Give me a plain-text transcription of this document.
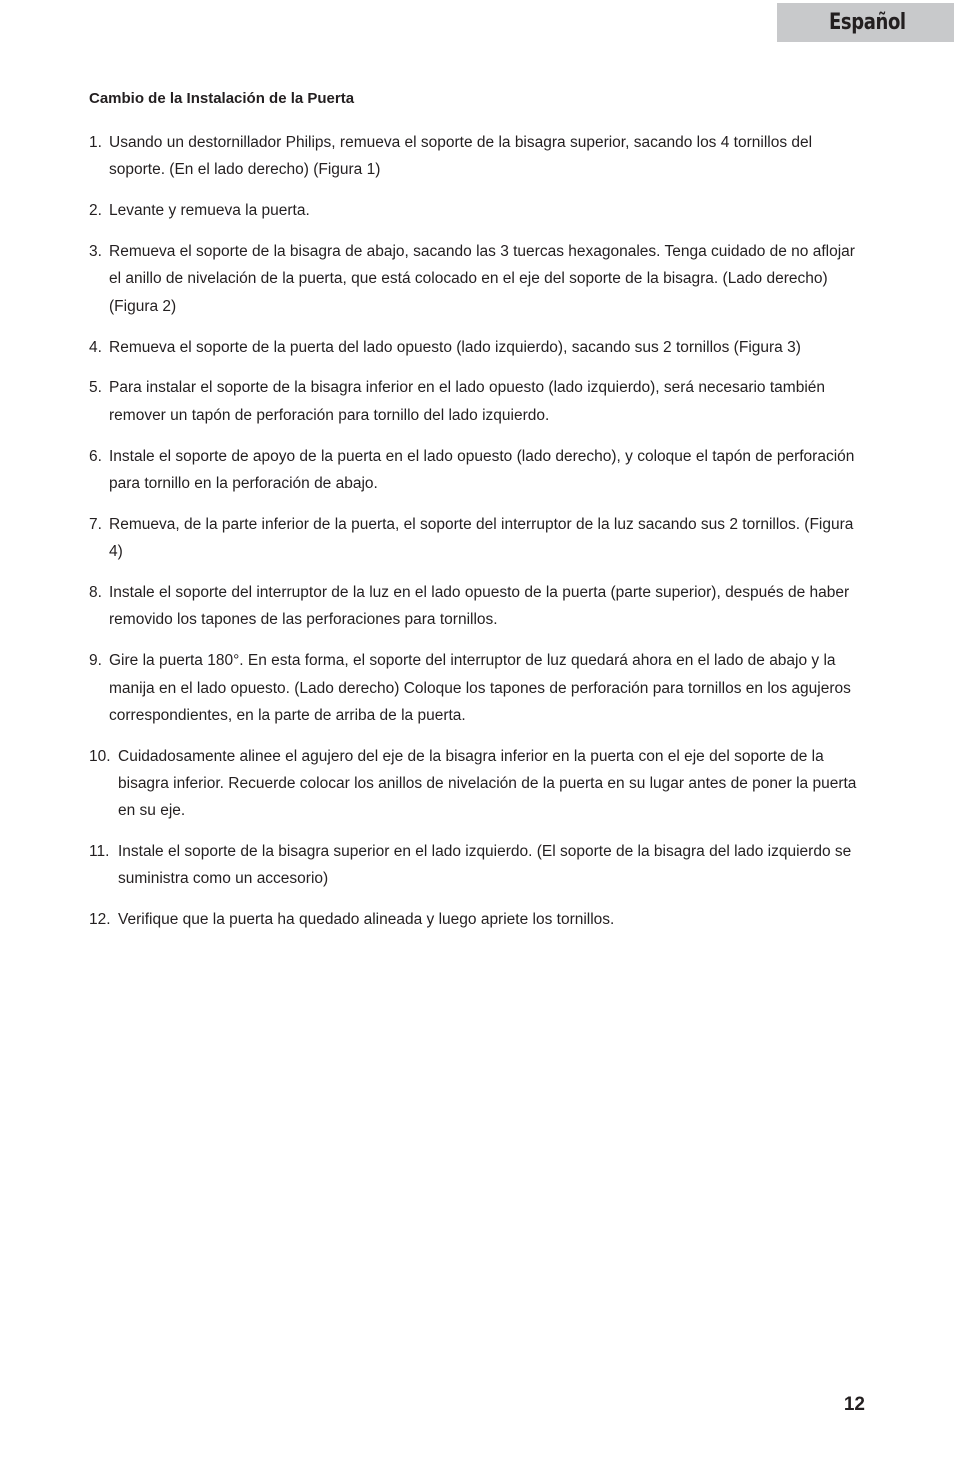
Español
Cambio de la Instalación de la Puerta
1. Usando un destornillador Philips, remueva el soporte de la bisagra superior, sacando los 4 tornillos del soporte. (En el lado derecho) (Figura 1)
2. Levante y remueva la puerta.
3. Remueva el soporte de la bisagra de abajo, sacando las 3 tuercas hexagonales. Tenga cuidado de no aflojar el anillo de nivelación de la puerta, que está colocado en el eje del soporte de la bisagra. (Lado derecho) (Figura 2)
4. Remueva el soporte de la puerta del lado opuesto (lado izquierdo), sacando sus 2 tornillos (Figura 3)
5. Para instalar el soporte de la bisagra inferior en el lado opuesto (lado izquierdo), será necesario también remover un tapón de perforación para tornillo del lado izquierdo.
6. Instale el soporte de apoyo de la puerta en el lado opuesto (lado derecho), y coloque el tapón de perforación para tornillo en la perforación de abajo.
7. Remueva, de la parte inferior de la puerta, el soporte del interruptor de la luz sacando sus 2 tornillos. (Figura 4)
8. Instale el soporte del interruptor de la luz en el lado opuesto de la puerta (parte superior), después de haber removido los tapones de las perforaciones para tornillos.
9. Gire la puerta 180°. En esta forma, el soporte del interruptor de luz quedará ahora en el lado de abajo y la manija en el lado opuesto. (Lado derecho) Coloque los tapones de perforación para tornillos en los agujeros correspondientes, en la parte de arriba de la puerta.
10. Cuidadosamente alinee el agujero del eje de la bisagra inferior en la puerta con el eje del soporte de la bisagra inferior. Recuerde colocar los anillos de nivelación de la puerta en su lugar antes de poner la puerta en su eje.
11. Instale el soporte de la bisagra superior en el lado izquierdo. (El soporte de la bisagra del lado izquierdo se suministra como un accesorio)
12. Verifique que la puerta ha quedado alineada y luego apriete los tornillos.
12
